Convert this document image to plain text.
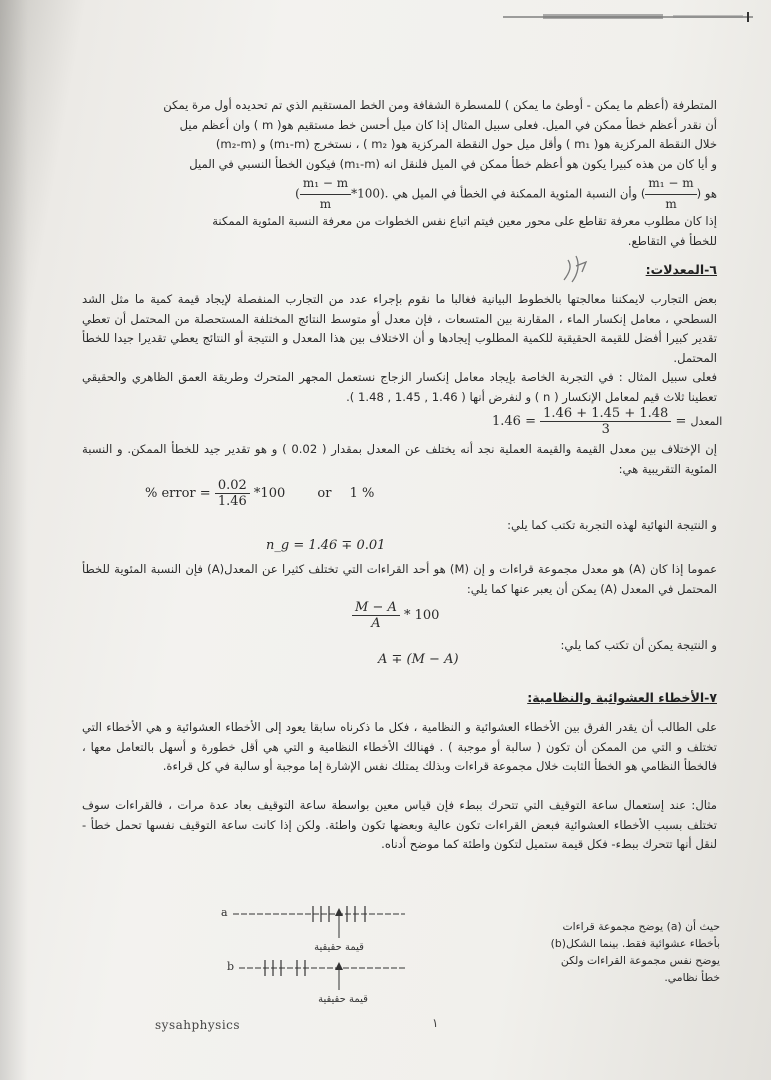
المتطرفة (أعظم ما يمكن - أوطئ ما يمكن ) للمسطرة الشفافة ومن الخط المستقيم الذي تم تحديده أول مرة يمكن
أن نقدر أعظم خطأ ممكن في الميل. فعلى سبيل المثال إذا كان ميل أحسن خط مستقيم هو( m ) وان أعظم ميل
خلال النقطة المركزية هو( m₁ ) وأقل ميل حول النقطة المركزية هو( m₂ ) ، نستخرج (m₁-m) و (m₂-m)
و أيا كان من هذه كبيرا يكون هو أعظم خطأ ممكن في الميل فلنقل انه (m₁-m) فيكون الخطأ النسبي في الميل
هو (
$\frac{\text{m₁ − m}}{m}$
) وأن النسبة المئوية الممكنة في الخطأ في الميل هي ( $\frac{\text{m₁ − m}}{m} *100$).
إذا كان مطلوب معرفة تقاطع على محور معين فيتم اتباع نفس الخطوات من معرفة النسبة المئوية الممكنة
للخطأ في التقاطع.
٦-المعدلات:
بعض التجارب لايمكننا معالجتها بالخطوط البيانية فغالبا ما نقوم بإجراء عدد من التجارب المنفصلة لإيجاد قيمة كمية ما مثل الشد السطحي ، معامل إنكسار الماء ، المقارنة بين المتسعات ، فإن معدل أو متوسط النتائج المختلفة المستحصلة من المحتمل أن تعطي تقدير كبيرا أفضل للقيمة الحقيقية للكمية المطلوب إيجادها و أن الاختلاف بين هذا المعدل و النتيجة أو النتائج يعطي تقديرا جيدا للخطأ المحتمل.
فعلى سبيل المثال : في التجربة الخاصة بإيجاد معامل إنكسار الزجاج نستعمل المجهر المتحرك وطريقة العمق الظاهري والحقيقي تعطينا ثلاث قيم لمعامل الإنكسار ( n ) و لنفرض أنها ( 1.46 , 1.45 , 1.48 ).
$1.46 = \frac{1.46 + 1.45 + 1.48}{3}$ = المعدل
إن الإختلاف بين معدل القيمة والقيمة العملية نجد أنه يختلف عن المعدل بمقدار ( 0.02 ) و هو تقدير جيد للخطأ الممكن. و النسبة المئوية التقريبية هي:
% error = $\frac{0.02}{1.46} *100$ or 1 %
و النتيجة النهائية لهذه التجربة تكتب كما يلي:
n_g = 1.46 ∓ 0.01
عموما إذا كان (A) هو معدل مجموعة قراءات و إن (M) هو أحد القراءات التي تختلف كثيرا عن المعدل(A) فإن النسبة المئوية للخطأ المحتمل في المعدل (A) يمكن أن يعبر عنها كما يلي:
$\frac{M - A}{A} * 100$
و النتيجة يمكن أن تكتب كما يلي:
A ∓ (M − A)
٧-الأخطاء العشوائية والنظامية:
على الطالب أن يقدر الفرق بين الأخطاء العشوائية و النظامية ، فكل ما ذكرناه سابقا يعود إلى الأخطاء العشوائية و هي الأخطاء التي تختلف و التي من الممكن أن تكون ( سالبة أو موجبة ) . فهنالك الأخطاء النظامية و التي هي أقل خطورة و أسهل بالتعامل معها ، فالخطأ النظامي هو الخطأ الثابت خلال مجموعة قراءات وبذلك يمتلك نفس الإشارة إما موجبة أو سالبة في كل قراءة.
مثال: عند إستعمال ساعة التوقيف التي تتحرك ببطء فإن قياس معين بواسطة ساعة التوقيف بعاد عدة مرات ، فالقراءات سوف تختلف بسبب الأخطاء العشوائية فبعض القراءات تكون عالية وبعضها تكون واطئة. ولكن إذا كانت ساعة التوقيف نفسها تحمل خطأ - لنقل أنها تتحرك ببطء- فكل قيمة ستميل لتكون واطئة كما موضح أدناه.
a
قيمة حقيقية
b
قيمة حقيقية
حيث أن (a) يوضح مجموعة قراءات
بأخطاء عشوائية فقط. بينما الشكل(b)
يوضح نفس مجموعة القراءات ولكن
خطأ نظامي.
sysahphysics	١
